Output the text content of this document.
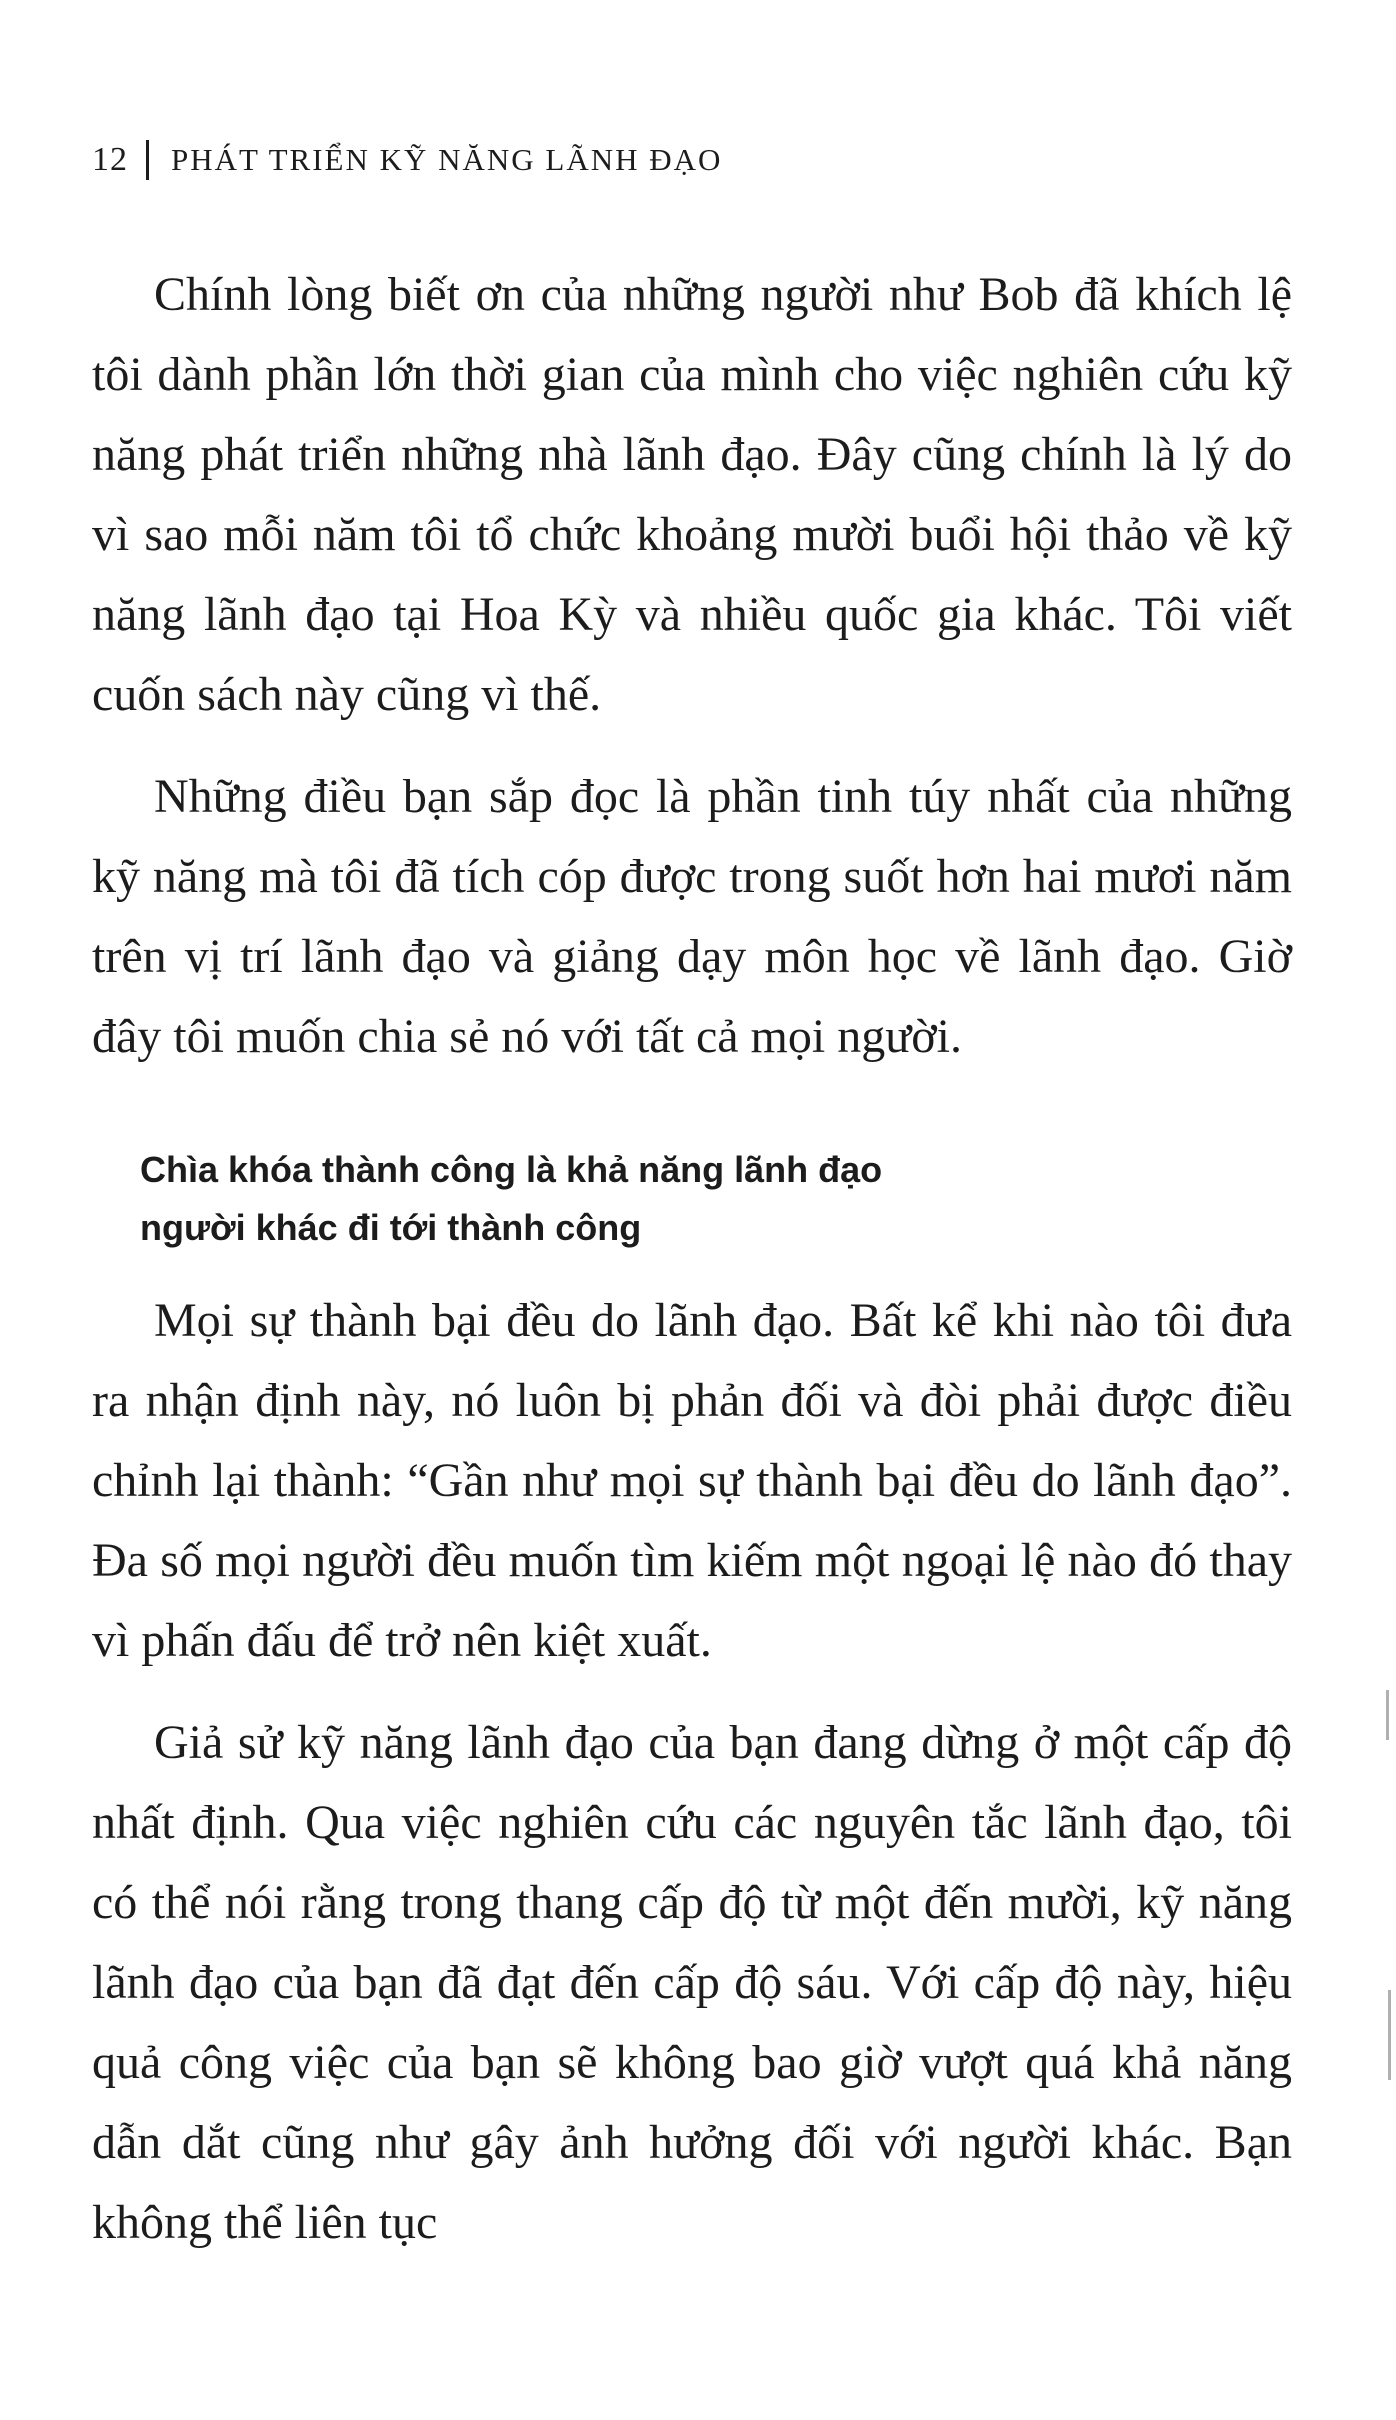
12 PHÁT TRIỂN KỸ NĂNG LÃNH ĐẠO

Chính lòng biết ơn của những người như Bob đã khích lệ tôi dành phần lớn thời gian của mình cho việc nghiên cứu kỹ năng phát triển những nhà lãnh đạo. Đây cũng chính là lý do vì sao mỗi năm tôi tổ chức khoảng mười buổi hội thảo về kỹ năng lãnh đạo tại Hoa Kỳ và nhiều quốc gia khác. Tôi viết cuốn sách này cũng vì thế.

Những điều bạn sắp đọc là phần tinh túy nhất của những kỹ năng mà tôi đã tích cóp được trong suốt hơn hai mươi năm trên vị trí lãnh đạo và giảng dạy môn học về lãnh đạo. Giờ đây tôi muốn chia sẻ nó với tất cả mọi người.

Chìa khóa thành công là khả năng lãnh đạo
người khác đi tới thành công

Mọi sự thành bại đều do lãnh đạo. Bất kể khi nào tôi đưa ra nhận định này, nó luôn bị phản đối và đòi phải được điều chỉnh lại thành: “Gần như mọi sự thành bại đều do lãnh đạo”. Đa số mọi người đều muốn tìm kiếm một ngoại lệ nào đó thay vì phấn đấu để trở nên kiệt xuất.

Giả sử kỹ năng lãnh đạo của bạn đang dừng ở một cấp độ nhất định. Qua việc nghiên cứu các nguyên tắc lãnh đạo, tôi có thể nói rằng trong thang cấp độ từ một đến mười, kỹ năng lãnh đạo của bạn đã đạt đến cấp độ sáu. Với cấp độ này, hiệu quả công việc của bạn sẽ không bao giờ vượt quá khả năng dẫn dắt cũng như gây ảnh hưởng đối với người khác. Bạn không thể liên tục
